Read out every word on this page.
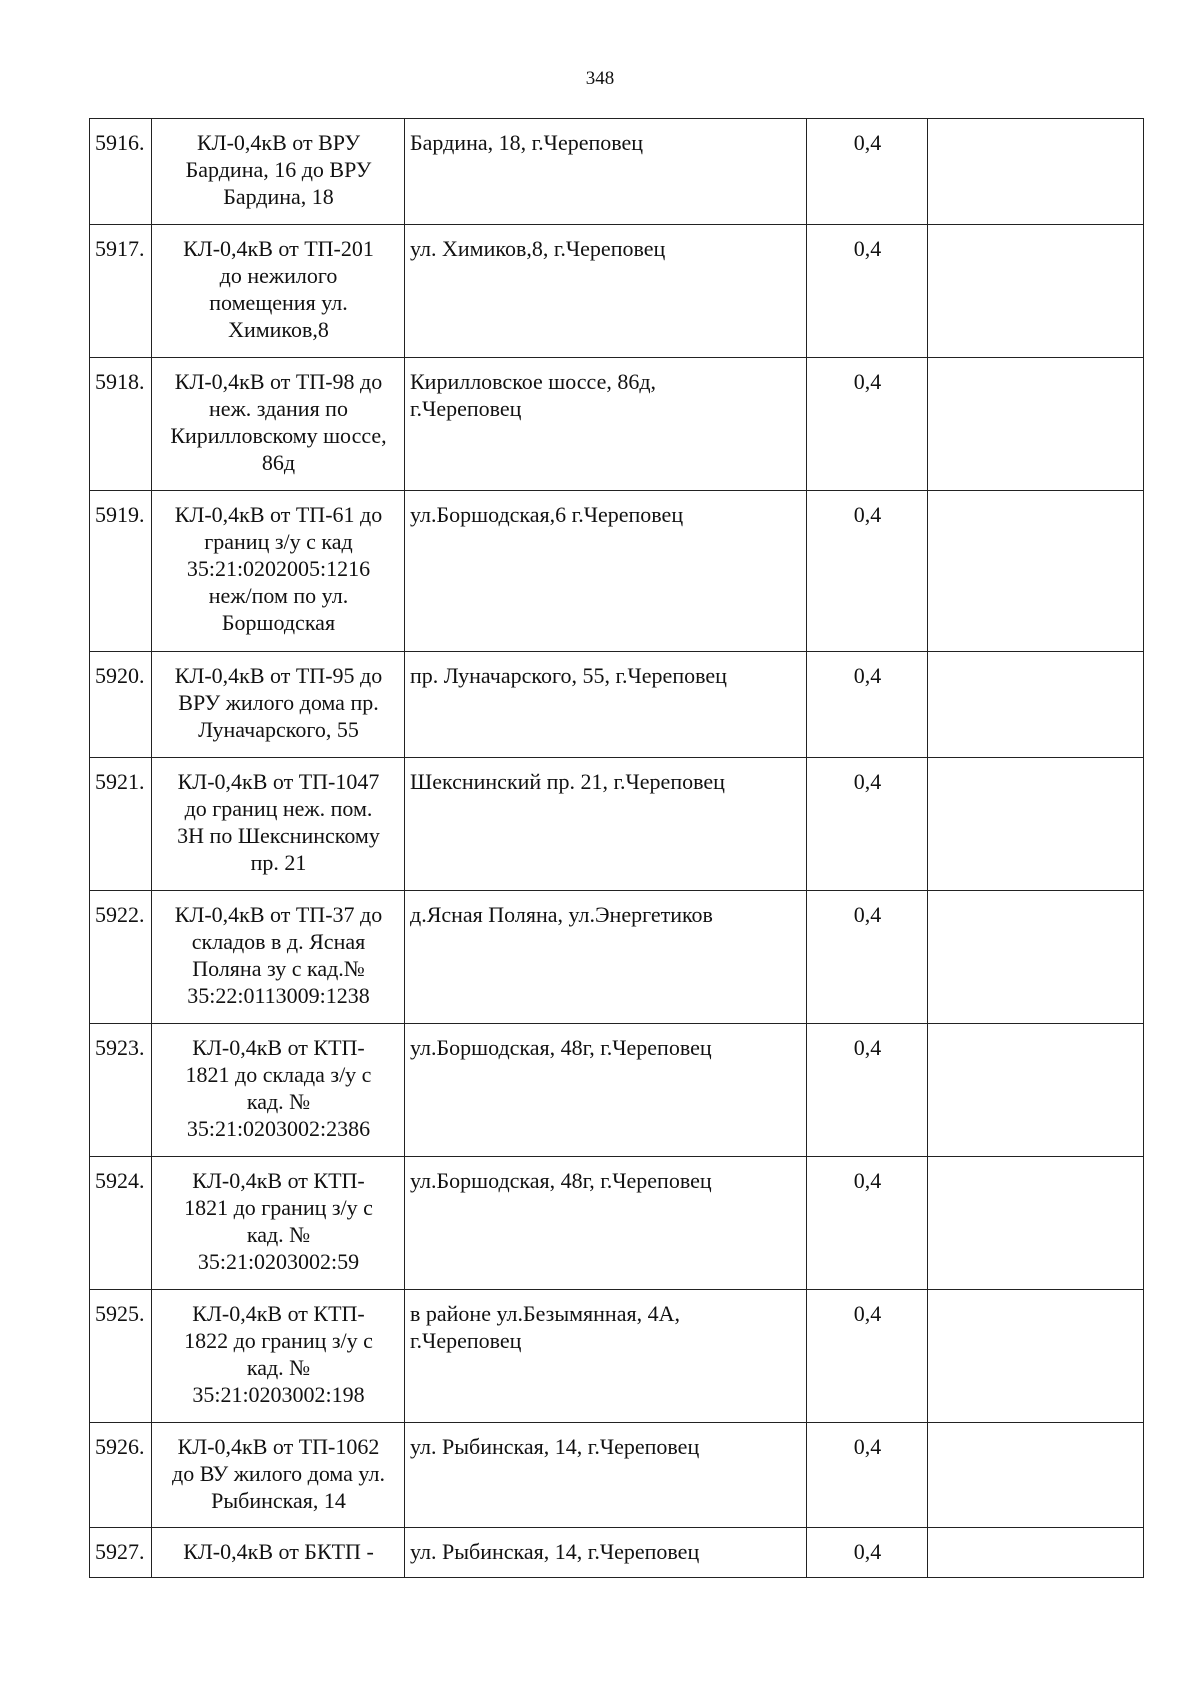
348
5916.	КЛ-0,4кВ от ВРУ
Бардина, 16 до ВРУ
Бардина, 18	Бардина, 18, г.Череповец	0,4	
5917.	КЛ-0,4кВ от ТП-201
до нежилого
помещения ул.
Химиков,8	ул. Химиков,8, г.Череповец	0,4	
5918.	КЛ-0,4кВ от ТП-98 до
неж. здания по
Кирилловскому шоссе,
86д	Кирилловское шоссе, 86д,
г.Череповец	0,4	
5919.	КЛ-0,4кВ от ТП-61 до
границ з/у с кад
35:21:0202005:1216
неж/пом по ул.
Боршодская	ул.Боршодская,6 г.Череповец	0,4	
5920.	КЛ-0,4кВ от ТП-95 до
ВРУ жилого дома пр.
Луначарского, 55	пр. Луначарского, 55, г.Череповец	0,4	
5921.	КЛ-0,4кВ от ТП-1047
до границ неж. пом.
3Н по Шекснинскому
пр. 21	Шекснинский пр. 21, г.Череповец	0,4	
5922.	КЛ-0,4кВ от ТП-37 до
складов в д. Ясная
Поляна зу с кад.№
35:22:0113009:1238	д.Ясная Поляна, ул.Энергетиков	0,4	
5923.	КЛ-0,4кВ от КТП-
1821 до склада з/у с
кад. №
35:21:0203002:2386	ул.Боршодская, 48г, г.Череповец	0,4	
5924.	КЛ-0,4кВ от КТП-
1821 до границ з/у с
кад. №
35:21:0203002:59	ул.Боршодская, 48г, г.Череповец	0,4	
5925.	КЛ-0,4кВ от КТП-
1822 до границ з/у с
кад. №
35:21:0203002:198	в районе ул.Безымянная, 4А,
г.Череповец	0,4	
5926.	КЛ-0,4кВ от ТП-1062
до ВУ жилого дома ул.
Рыбинская, 14	ул. Рыбинская, 14, г.Череповец	0,4	
5927.	КЛ-0,4кВ от БКТП -	ул. Рыбинская, 14, г.Череповец	0,4	
